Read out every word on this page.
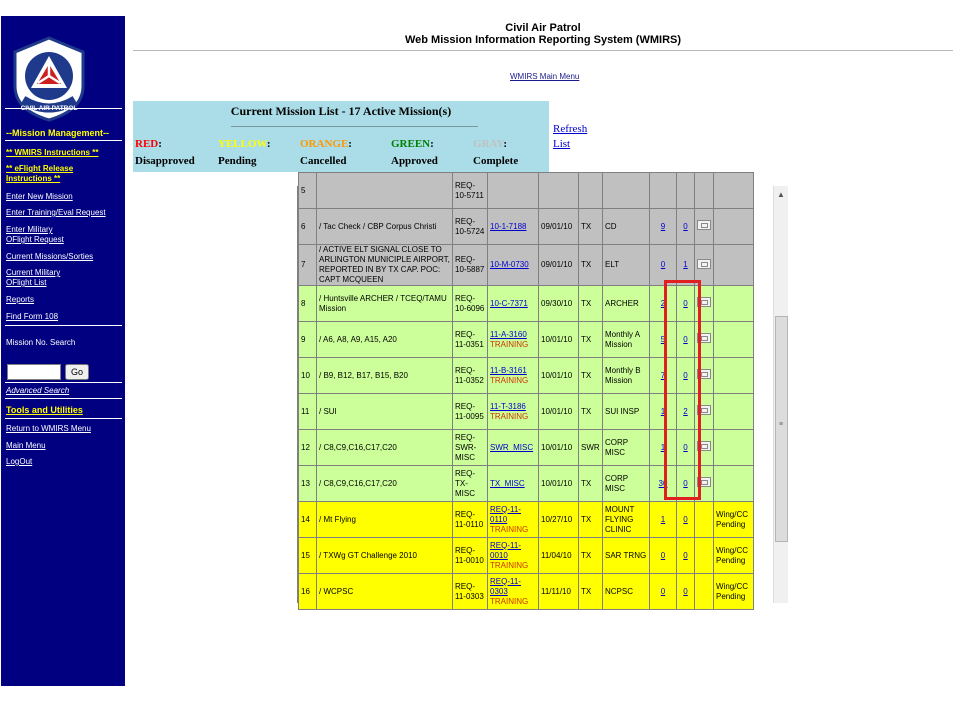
--Mission Management--
** WMIRS Instructions **
** eFlight Release
Instructions **
Enter New Mission
Enter Training/Eval Request
Enter Military
OFlight Request
Current Missions/Sorties
Current Military
OFlight List
Reports
Find Form 108
Mission No. Search
Go
Advanced Search
Tools and Utilities
Return to WMIRS Menu
Main Menu
LogOut
Civil Air Patrol
Web Mission Information Reporting System (WMIRS)
WMIRS Main Menu
Current Mission List - 17 Active Mission(s)
RED:	YELLOW:	ORANGE:	GREEN:	GRAY:
Disapproved Pending	Cancelled	Approved	Complete
Refresh List
5		REQ-10-5711								
6	/ Tac Check / CBP Corpus Christi	REQ-10-5724	10-1-7188	09/01/10	TX	CD	9	0		
7	/ ACTIVE ELT SIGNAL CLOSE TO ARLINGTON MUNICIPLE AIRPORT, REPORTED IN BY TX CAP. POC: CAPT MCQUEEN	REQ-10-5887	10-M-0730	09/01/10	TX	ELT	0	1		
8	/ Huntsville ARCHER / TCEQ/TAMU Mission	REQ-10-6096	10-C-7371	09/30/10	TX	ARCHER	2	0		
9	/ A6, A8, A9, A15, A20	REQ-11-0351	11-A-3160
TRAINING	10/01/10	TX	Monthly A Mission	5	0		
10	/ B9, B12, B17, B15, B20	REQ-11-0352	11-B-3161
TRAINING	10/01/10	TX	Monthly B Mission	7	0		
11	/ SUI	REQ-11-0095	11-T-3186
TRAINING	10/01/10	TX	SUI INSP	1	2		
12	/ C8,C9,C16,C17,C20	REQ-SWR-MISC	SWR_MISC	10/01/10	SWR	CORP MISC	1	0		
13	/ C8,C9,C16,C17,C20	REQ-TX-MISC	TX_MISC	10/01/10	TX	CORP MISC	30	0		
14	/ Mt Flying	REQ-11-0110	REQ-11-0110
TRAINING	10/27/10	TX	MOUNT FLYING CLINIC	1	0		Wing/CC Pending
15	/ TXWg GT Challenge 2010	REQ-11-0010	REQ-11-0010
TRAINING	11/04/10	TX	SAR TRNG	0	0		Wing/CC Pending
16	/ WCPSC	REQ-11-0303	REQ-11-0303
TRAINING	11/11/10	TX	NCPSC	0	0		Wing/CC Pending
▲
≡
